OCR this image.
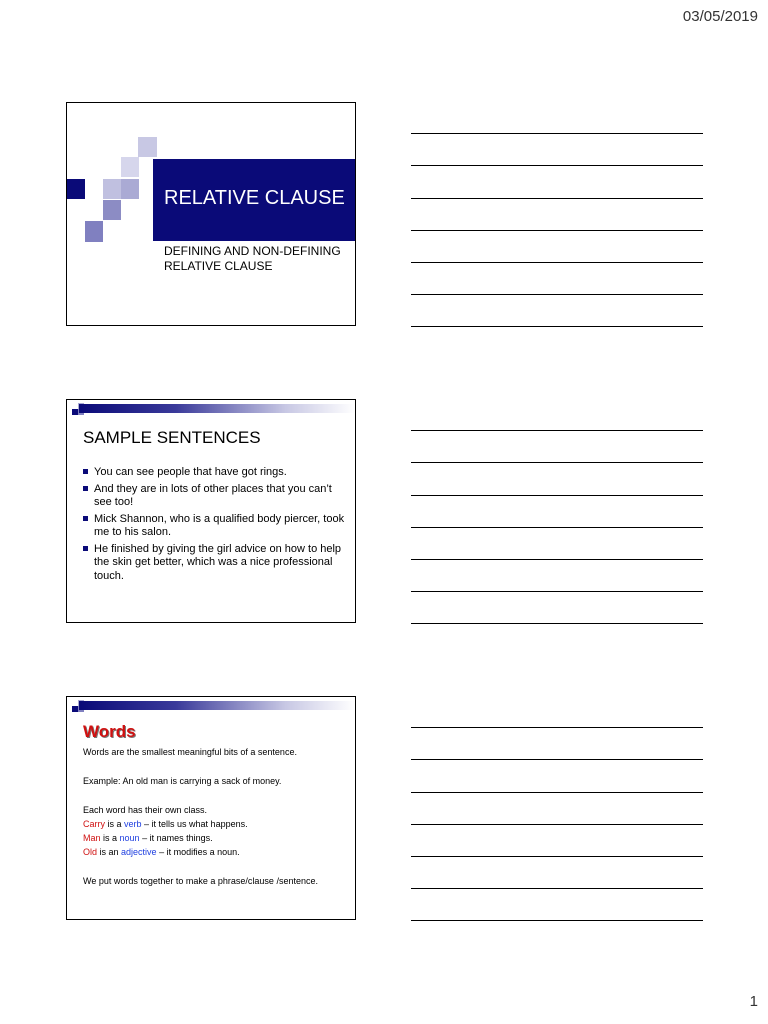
03/05/2019
RELATIVE CLAUSE
DEFINING AND NON-DEFINING RELATIVE CLAUSE
SAMPLE SENTENCES
You can see people that have got rings.
And they are in lots of other places that you can’t see too!
Mick Shannon, who is a qualified body piercer, took me to his salon.
He finished by giving the girl advice on how to help the skin get better, which was a nice professional touch.
Words

Words are the smallest meaningful bits of a sentence.

Example: An old man is carrying a sack of money.

Each word has their own class.

Carry is a verb – it tells us what happens.

Man is a noun – it names things.

Old is an adjective – it modifies a noun.

We put words together to make a phrase/clause /sentence.

1
